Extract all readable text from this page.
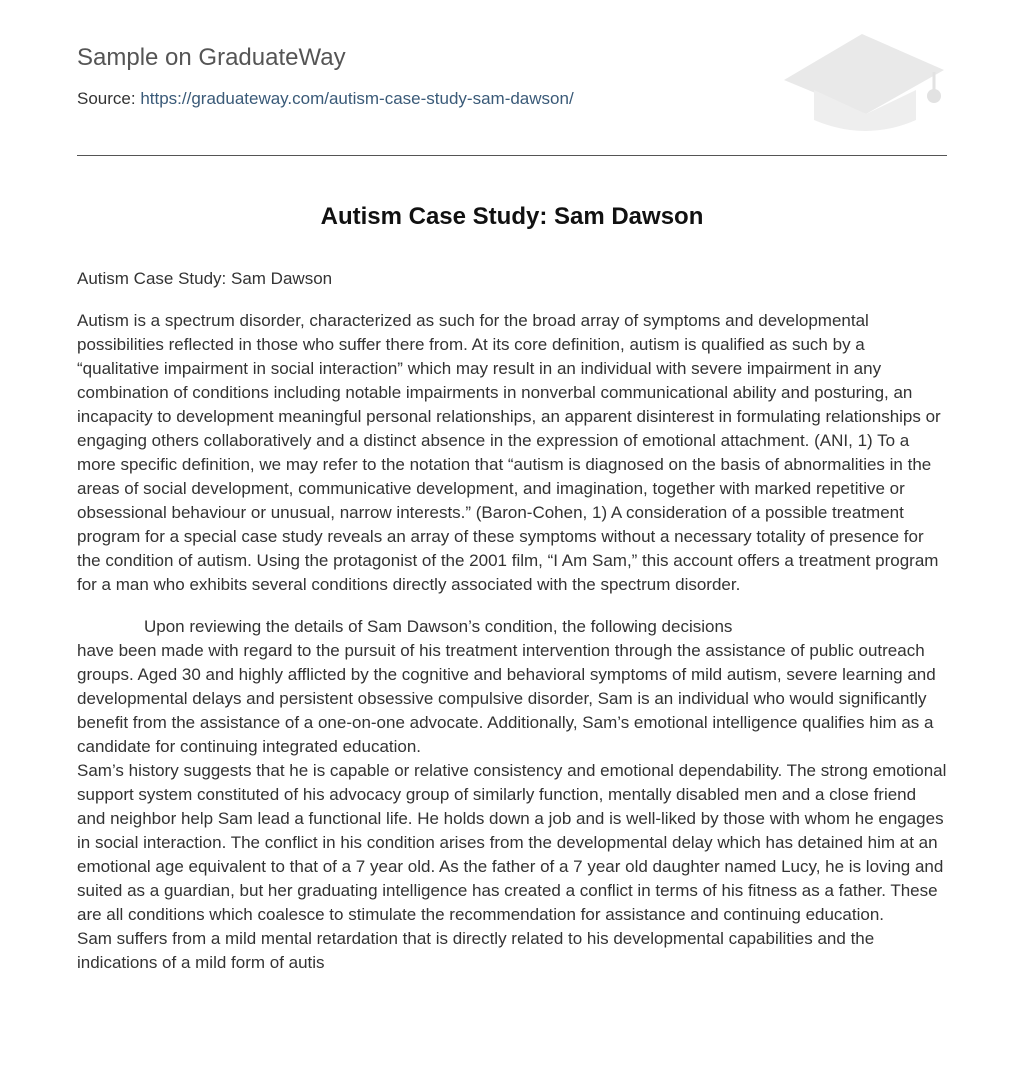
Sample on GraduateWay
Source: https://graduateway.com/autism-case-study-sam-dawson/
Autism Case Study: Sam Dawson

Autism Case Study: Sam Dawson

Autism is a spectrum disorder, characterized as such for the broad array of symptoms and developmental possibilities reflected in those who suffer there from. At its core definition, autism is qualified as such by a “qualitative impairment in social interaction” which may result in an individual with severe impairment in any combination of conditions including notable impairments in nonverbal communicational ability and posturing, an incapacity to development meaningful personal relationships, an apparent disinterest in formulating relationships or engaging others collaboratively and a distinct absence in the expression of emotional attachment. (ANI, 1) To a more specific definition, we may refer to the notation that “autism is diagnosed on the basis of abnormalities in the areas of social development, communicative development, and imagination, together with marked repetitive or obsessional behaviour or unusual, narrow interests.” (Baron-Cohen, 1) A consideration of a possible treatment program for a special case study reveals an array of these symptoms without a necessary totality of presence for the condition of autism. Using the protagonist of the 2001 film, “I Am Sam,” this account offers a treatment program for a man who exhibits several conditions directly associated with the spectrum disorder.

Upon reviewing the details of Sam Dawson’s condition, the following decisions

have been made with regard to the pursuit of his treatment intervention through the assistance of public outreach groups. Aged 30 and highly afflicted by the cognitive and behavioral symptoms of mild autism, severe learning and developmental delays and persistent obsessive compulsive disorder, Sam is an individual who would significantly benefit from the assistance of a one-on-one advocate. Additionally, Sam’s emotional intelligence qualifies him as a candidate for continuing integrated education.

Sam’s history suggests that he is capable or relative consistency and emotional dependability. The strong emotional support system constituted of his advocacy group of similarly function, mentally disabled men and a close friend and neighbor help Sam lead a functional life. He holds down a job and is well-liked by those with whom he engages in social interaction. The conflict in his condition arises from the developmental delay which has detained him at an emotional age equivalent to that of a 7 year old. As the father of a 7 year old daughter named Lucy, he is loving and suited as a guardian, but her graduating intelligence has created a conflict in terms of his fitness as a father. These are all conditions which coalesce to stimulate the recommendation for assistance and continuing education.

Sam suffers from a mild mental retardation that is directly related to his developmental capabilities and the indications of a mild form of autis
